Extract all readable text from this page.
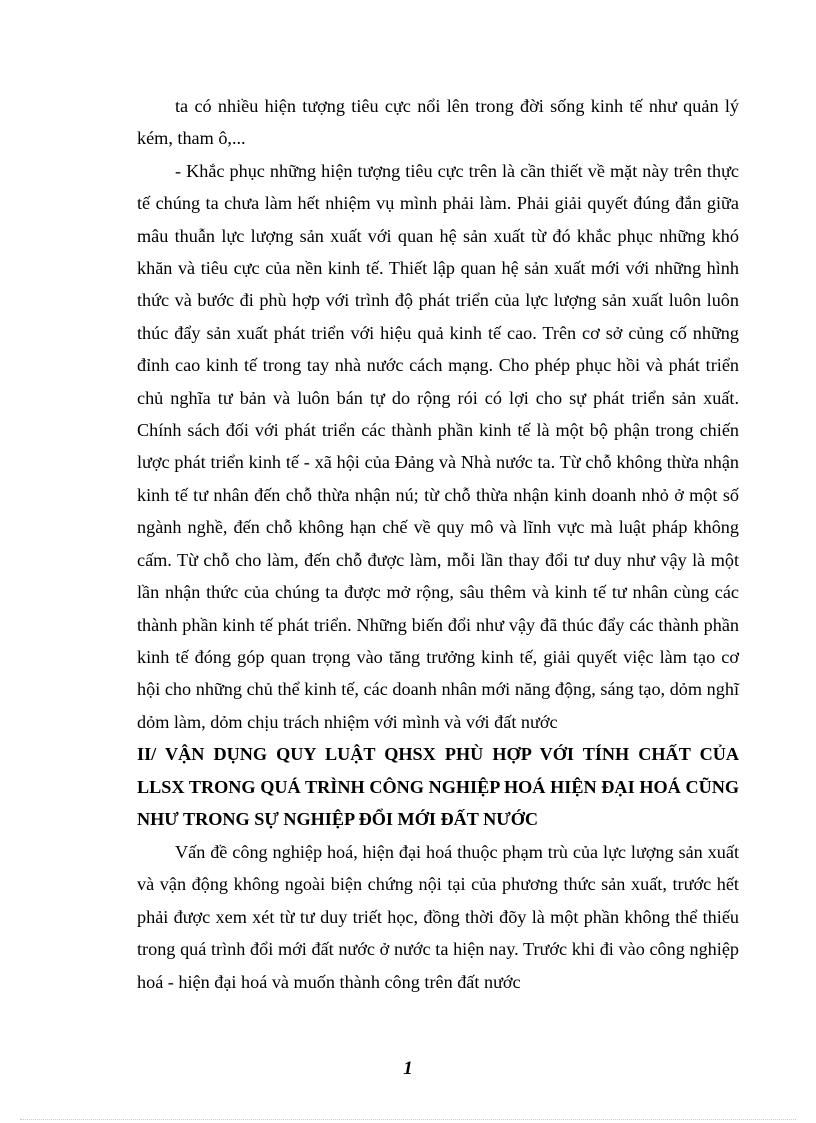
ta có nhiều hiện tượng tiêu cực nổi lên trong đời sống kinh tế như quản lý kém, tham ô,...

- Khắc phục những hiện tượng tiêu cực trên là cần thiết về mặt này trên thực tế chúng ta chưa làm hết nhiệm vụ mình phải làm. Phải giải quyết đúng đắn giữa mâu thuẫn lực lượng sản xuất với quan hệ sản xuất từ đó khắc phục những khó khăn và tiêu cực của nền kinh tế. Thiết lập quan hệ sản xuất mới với những hình thức và bước đi phù hợp với trình độ phát triển của lực lượng sản xuất luôn luôn thúc đẩy sản xuất phát triển với hiệu quả kinh tế cao. Trên cơ sở củng cố những đỉnh cao kinh tế trong tay nhà nước cách mạng. Cho phép phục hồi và phát triển chủ nghĩa tư bản và luôn bán tự do rộng rói có lợi cho sự phát triển sản xuất. Chính sách đối với phát triển các thành phần kinh tế là một bộ phận trong chiến lược phát triển kinh tế - xã hội của Đảng và Nhà nước ta. Từ chỗ không thừa nhận kinh tế tư nhân đến chỗ thừa nhận nú; từ chỗ thừa nhận kinh doanh nhỏ ở một số ngành nghề, đến chỗ không hạn chế về quy mô và lĩnh vực mà luật pháp không cấm. Từ chỗ cho làm, đến chỗ được làm, mỗi lần thay đổi tư duy như vậy là một lần nhận thức của chúng ta được mở rộng, sâu thêm và kinh tế tư nhân cùng các thành phần kinh tế phát triển. Những biến đổi như vậy đã thúc đẩy các thành phần kinh tế đóng góp quan trọng vào tăng trưởng kinh tế, giải quyết việc làm tạo cơ hội cho những chủ thể kinh tế, các doanh nhân mới năng động, sáng tạo, dỏm nghĩ dỏm làm, dỏm chịu trách nhiệm với mình và với đất nước

II/ VẬN DỤNG QUY LUẬT QHSX PHÙ HỢP VỚI TÍNH CHẤT CỦA LLSX TRONG QUÁ TRÌNH CÔNG NGHIỆP HOÁ HIỆN ĐẠI HOÁ CŨNG NHƯ TRONG SỰ NGHIỆP ĐỔI MỚI ĐẤT NƯỚC

Vấn đề công nghiệp hoá, hiện đại hoá thuộc phạm trù của lực lượng sản xuất và vận động không ngoài biện chứng nội tại của phương thức sản xuất, trước hết phải được xem xét từ tư duy triết học, đồng thời đõy là một phần không thể thiếu trong quá trình đổi mới đất nước ở nước ta hiện nay. Trước khi đi vào công nghiệp hoá - hiện đại hoá và muốn thành công trên đất nước

1
